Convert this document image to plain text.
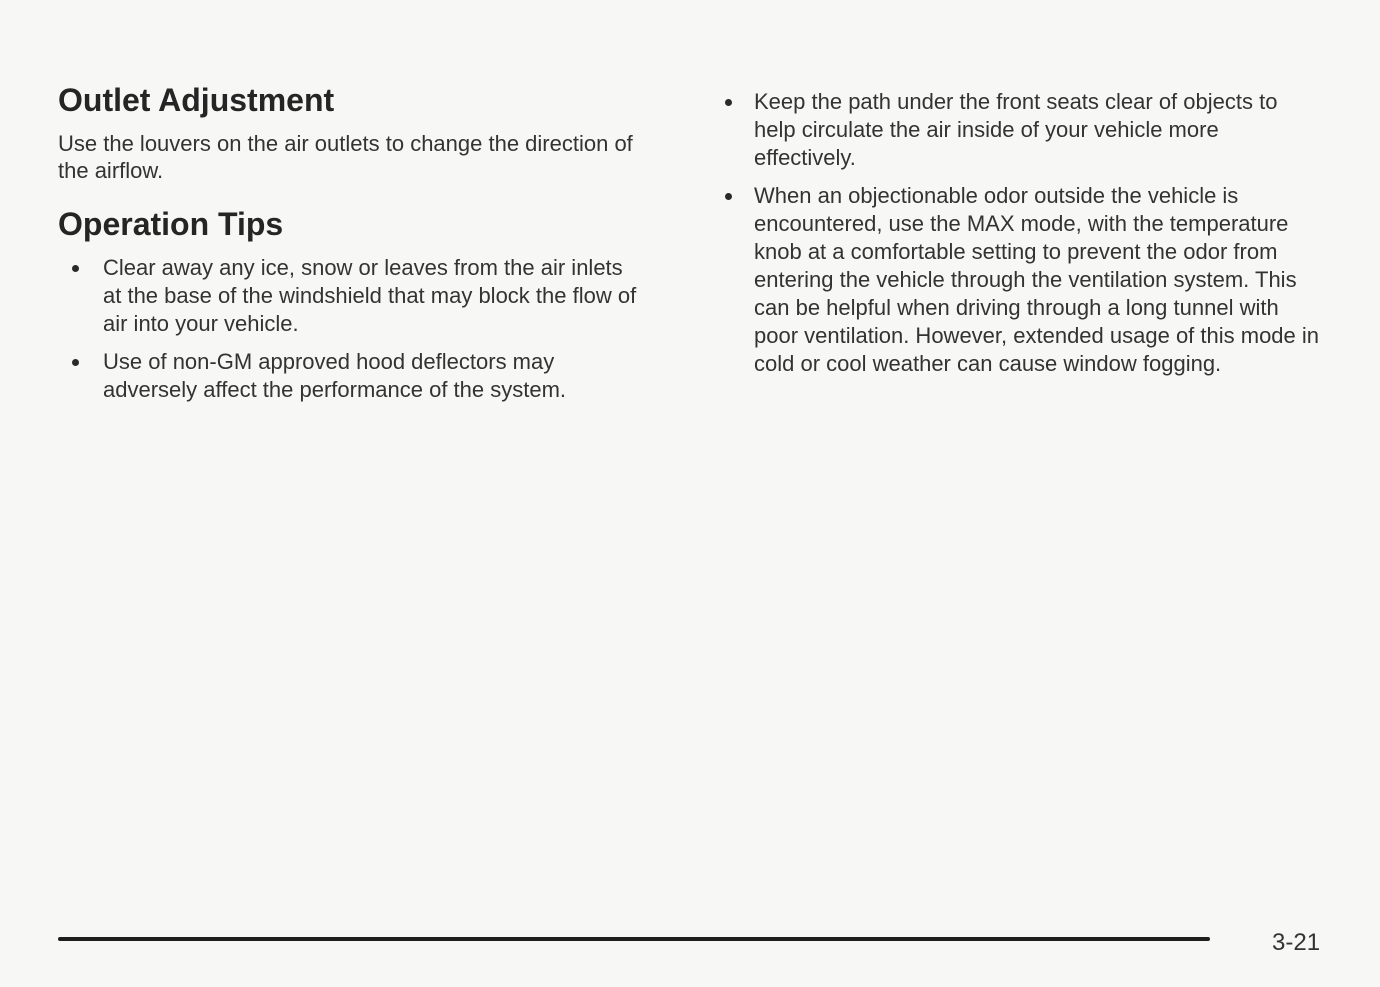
Outlet Adjustment

Use the louvers on the air outlets to change the direction of the airflow.

Operation Tips
Clear away any ice, snow or leaves from the air inlets at the base of the windshield that may block the flow of air into your vehicle.
Use of non-GM approved hood deflectors may adversely affect the performance of the system.
Keep the path under the front seats clear of objects to help circulate the air inside of your vehicle more effectively.
When an objectionable odor outside the vehicle is encountered, use the MAX mode, with the temperature knob at a comfortable setting to prevent the odor from entering the vehicle through the ventilation system. This can be helpful when driving through a long tunnel with poor ventilation. However, extended usage of this mode in cold or cool weather can cause window fogging.
3-21
